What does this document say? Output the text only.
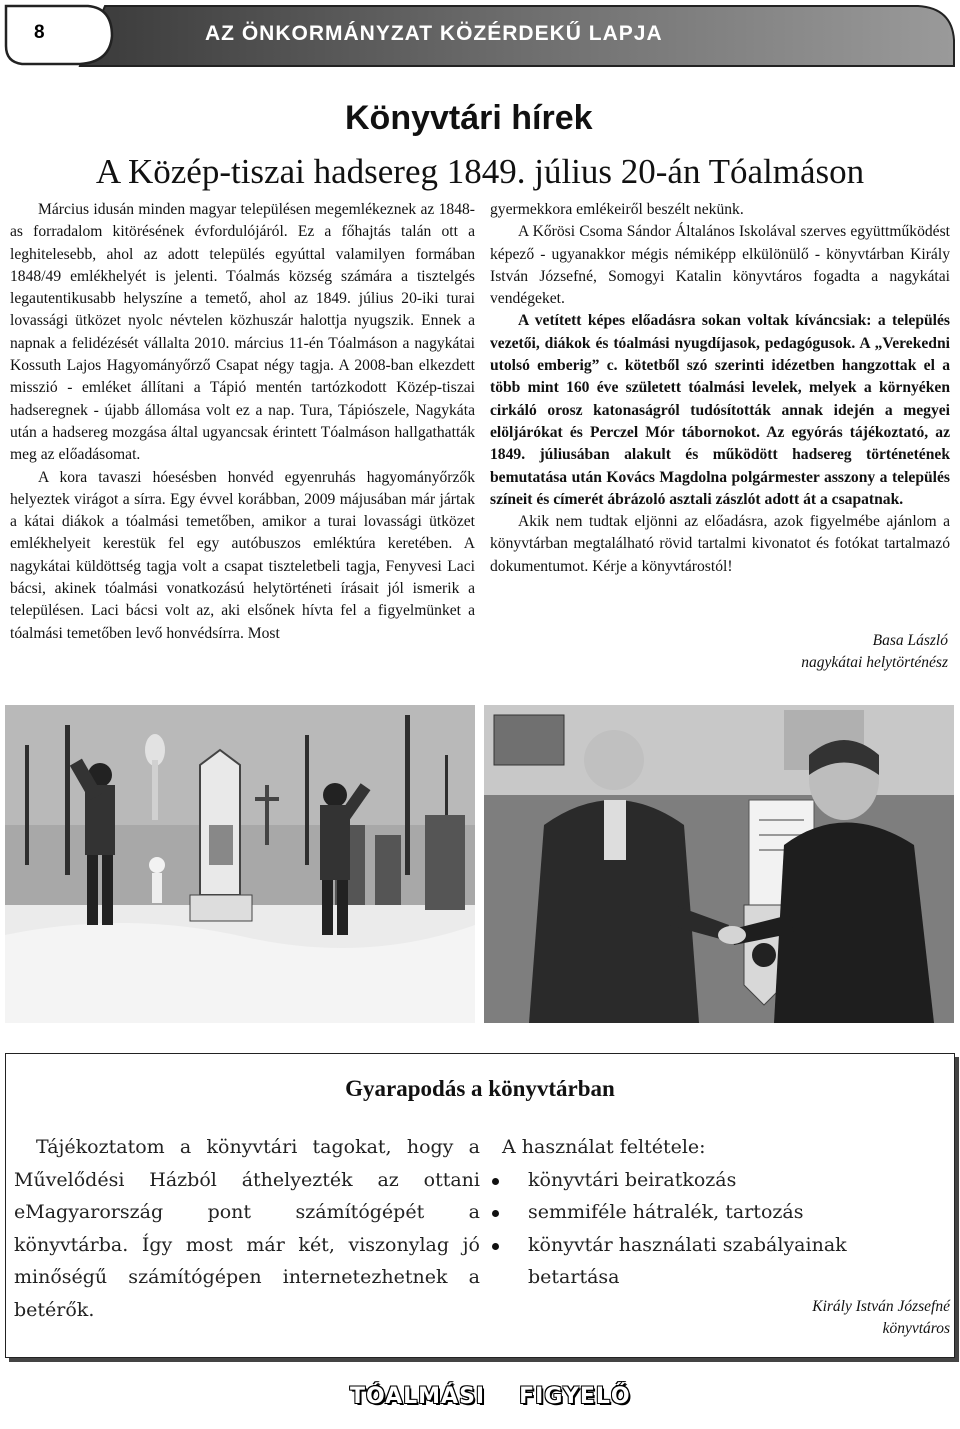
8	AZ ÖNKORMÁNYZAT KÖZÉRDEKŰ LAPJA
Könyvtári hírek
A Közép-tiszai hadsereg 1849. július 20-án Tóalmáson

Március idusán minden magyar településen megemlékeznek az 1848-as forradalom kitörésének évfordulójáról. Ez a főhajtás talán ott a leghitelesebb, ahol az adott település egyúttal valamilyen formában 1848/49 emlékhelyét is jelenti. Tóalmás község számára a tisztelgés legautentikusabb helyszíne a temető, ahol az 1849. július 20-iki turai lovassági ütközet nyolc névtelen közhuszár halottja nyugszik. Ennek a napnak a felidézését vállalta 2010. március 11-én Tóalmáson a nagykátai Kossuth Lajos Hagyományőrző Csapat négy tagja. A 2008-ban elkezdett misszió - emléket állítani a Tápió mentén tartózkodott Közép-tiszai hadseregnek - újabb állomása volt ez a nap. Tura, Tápiószele, Nagykáta után a hadsereg mozgása által ugyancsak érintett Tóalmáson hallgathatták meg az előadásomat.

A kora tavaszi hóesésben honvéd egyenruhás hagyományőrzők helyeztek virágot a sírra. Egy évvel korábban, 2009 májusában már jártak a kátai diákok a tóalmási temetőben, amikor a turai lovassági ütközet emlékhelyeit kerestük fel egy autóbuszos emléktúra keretében. A nagykátai küldöttség tagja volt a csapat tiszteletbeli tagja, Fenyvesi Laci bácsi, akinek tóalmási vonatkozású helytörténeti írásait jól ismerik a településen. Laci bácsi volt az, aki elsőnek hívta fel a figyelmünket a tóalmási temetőben levő honvédsírra. Most

gyermekkora emlékeiről beszélt nekünk.

A Kőrösi Csoma Sándor Általános Iskolával szerves együttműködést képező - ugyanakkor mégis némiképp elkülönülő - könyvtárban Király István Józsefné, Somogyi Katalin könyvtáros fogadta a nagykátai vendégeket.

A vetített képes előadásra sokan voltak kíváncsiak: a település vezetői, diákok és tóalmási nyugdíjasok, pedagógusok. A „Verekedni utolsó emberig” c. kötetből szó szerinti idézetben hangzottak el a több mint 160 éve született tóalmási levelek, melyek a környéken cirkáló orosz katonaságról tudósították annak idején a megyei elöljárókat és Perczel Mór tábornokot. Az egyórás tájékoztató, az 1849. júliusában alakult és működött hadsereg történetének bemutatása után Kovács Magdolna polgármester asszony a település színeit és címerét ábrázoló asztali zászlót adott át a csapatnak.

Akik nem tudtak eljönni az előadásra, azok figyelmébe ajánlom a könyvtárban megtalálható rövid tartalmi kivonatot és fotókat tartalmazó dokumentumot. Kérje a könyvtárostól!

Basa László
nagykátai helytörténész
Gyarapodás a könyvtárban

Tájékoztatom a könyvtári tagokat, hogy a Művelődési Házból áthelyezték az ottani eMagyarország pont számítógépét a könyvtárba. Így most már két, viszonylag jó minőségű számítógépen internetezhetnek a betérők.

A használat feltétele:
könyvtári beiratkozás
semmiféle hátralék, tartozás
könyvtár használati szabályainak betartása
Király István Józsefné
könyvtáros
TÓALMÁSI FIGYELŐ
